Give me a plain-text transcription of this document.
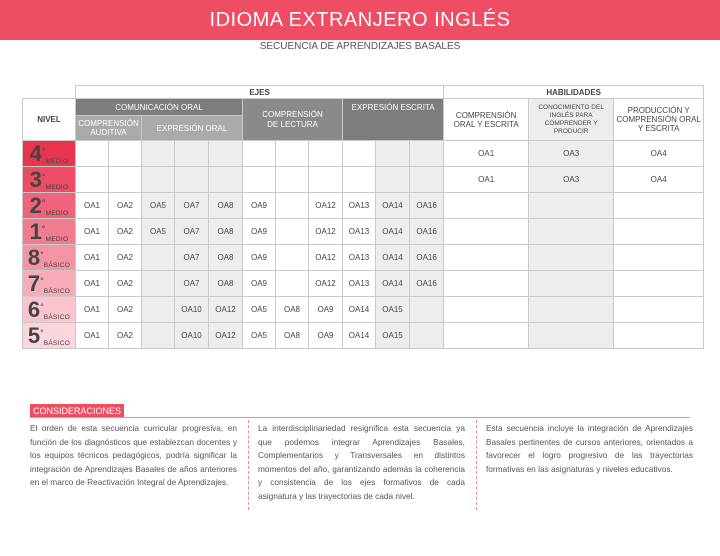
IDIOMA EXTRANJERO INGLÉS
SECUENCIA DE APRENDIZAJES BASALES
	EJES											HABILIDADES		
NIVEL	COMUNICACIÓN ORAL					COMPRENSIÓN DE LECTURA			EXPRESIÓN ESCRITA			COMPRENSIÓN ORAL Y ESCRITA	CONOCIMIENTO DEL INGLÉS PARA COMPRENDER Y PRODUCIR	PRODUCCIÓN Y COMPRENSIÓN ORAL Y ESCRITA
	COMPRENSIÓN AUDITIVA		EXPRESIÓN ORAL											
4°MEDIO												OA1	OA3	OA4
3°MEDIO												OA1	OA3	OA4
2°MEDIO	OA1	OA2	OA5	OA7	OA8	OA9		OA12	OA13	OA14	OA16			
1°MEDIO	OA1	OA2	OA5	OA7	OA8	OA9		OA12	OA13	OA14	OA16			
8°BÁSICO	OA1	OA2		OA7	OA8	OA9		OA12	OA13	OA14	OA16			
7°BÁSICO	OA1	OA2		OA7	OA8	OA9		OA12	OA13	OA14	OA16			
6°BÁSICO	OA1	OA2		OA10	OA12	OA5	OA8	OA9	OA14	OA15				
5°BÁSICO	OA1	OA2		OA10	OA12	OA5	OA8	OA9	OA14	OA15				
CONSIDERACIONES
El orden de esta secuencia curricular progresiva, en función de los diagnósticos que establezcan docentes y los equipos técnicos pedagógicos, podría significar la integración de Aprendizajes Basales de años anteriores en el marco de Reactivación Integral de Aprendizajes.
La interdisciplinariedad resignifica esta secuencia ya que podemos integrar Aprendizajes Basales, Complementarios y Transversales en distintos momentos del año, garantizando además la coherencia y consistencia de los ejes formativos de cada asignatura y las trayectorias de cada nivel.
Esta secuencia incluye la integración de Aprendizajes Basales pertinentes de cursos anteriores, orientados a favorecer el logro progresivo de las trayectorias formativas en las asignaturas y niveles educativos.
